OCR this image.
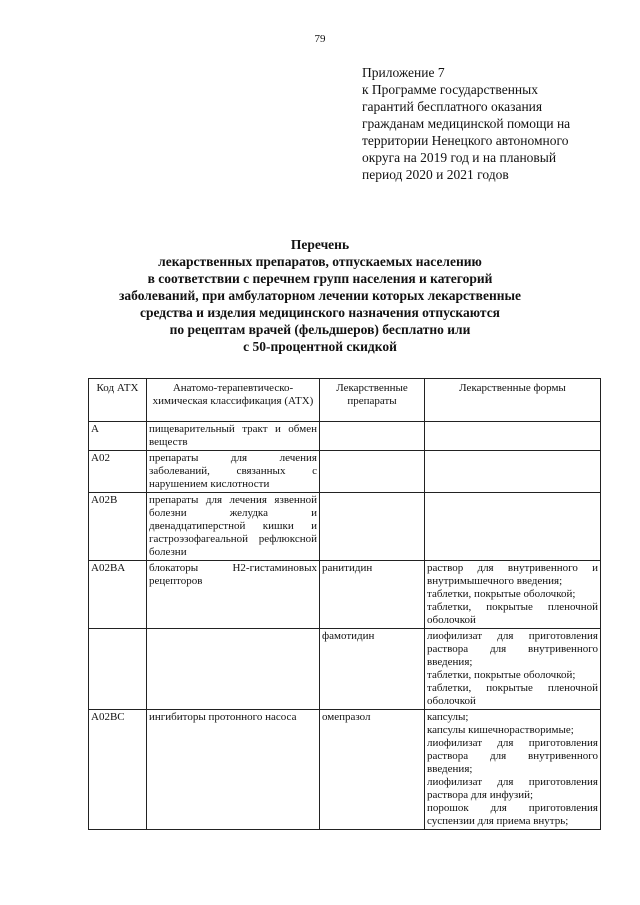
79
Приложение 7
к Программе государственных
гарантий бесплатного оказания
гражданам медицинской помощи на
территории Ненецкого автономного
округа на 2019 год и на плановый
период 2020 и 2021 годов
Перечень
лекарственных препаратов, отпускаемых населению
в соответствии с перечнем групп населения и категорий
заболеваний, при амбулаторном лечении которых лекарственные
средства и изделия медицинского назначения отпускаются
по рецептам врачей (фельдшеров) бесплатно или
с 50-процентной скидкой
Код АТХ	Анатомо-терапевтическо-химическая классификация (АТХ)	Лекарственные препараты	Лекарственные формы
A	пищеварительный тракт и обмен веществ		
A02	препараты для лечения заболеваний, связанных с нарушением кислотности		
A02B	препараты для лечения язвенной болезни желудка и двенадцатиперстной кишки и гастроэзофагеальной рефлюксной болезни		
A02BA	блокаторы H2-гистаминовых рецепторов	ранитидин	раствор для внутривенного и внутримышечного введения;
таблетки, покрытые оболочкой;
таблетки, покрытые пленочной оболочкой

		фамотидин	лиофилизат для приготовления раствора для внутривенного введения;
таблетки, покрытые оболочкой;
таблетки, покрытые пленочной оболочкой

A02BC	ингибиторы протонного насоса	омепразол	капсулы;
капсулы кишечнорастворимые;
лиофилизат для приготовления раствора для внутривенного введения;
лиофилизат для приготовления раствора для инфузий;
порошок для приготовления суспензии для приема внутрь;
